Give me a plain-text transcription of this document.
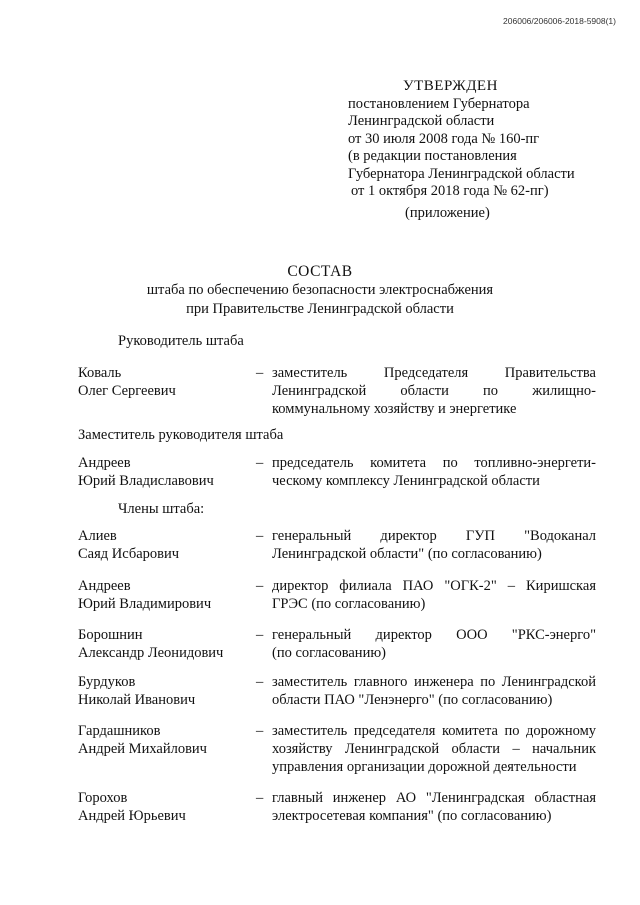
206006/206006-2018-5908(1)
УТВЕРЖДЕН
постановлением Губернатора
Ленинградской области
от 30 июля 2008 года № 160-пг
(в редакции постановления
Губернатора Ленинградской области
от 1 октября 2018 года № 62-пг)
(приложение)
СОСТАВ
штаба по обеспечению безопасности электроснабжения
при Правительстве Ленинградской области
Руководитель штаба
Коваль
Олег Сергеевич
– заместитель Председателя Правительства
Ленинградской области по жилищно-
коммунальному хозяйству и энергетике
Заместитель руководителя штаба
Андреев
Юрий Владиславович
– председатель комитета по топливно-энергети-
ческому комплексу Ленинградской области
Члены штаба:
Алиев
Саяд Исбарович
– генеральный директор ГУП "Водоканал
Ленинградской области" (по согласованию)
Андреев
Юрий Владимирович
– директор филиала ПАО "ОГК-2" – Киришская
ГРЭС (по согласованию)
Борошнин
Александр Леонидович
– генеральный директор ООО "РКС-энерго"
(по согласованию)
Бурдуков
Николай Иванович
– заместитель главного инженера по Ленинградской
области ПАО "Ленэнерго" (по согласованию)
Гардашников
Андрей Михайлович
– заместитель председателя комитета по дорожному
хозяйству Ленинградской области – начальник
управления организации дорожной деятельности
Горохов
Андрей Юрьевич
– главный инженер АО "Ленинградская областная
электросетевая компания" (по согласованию)
